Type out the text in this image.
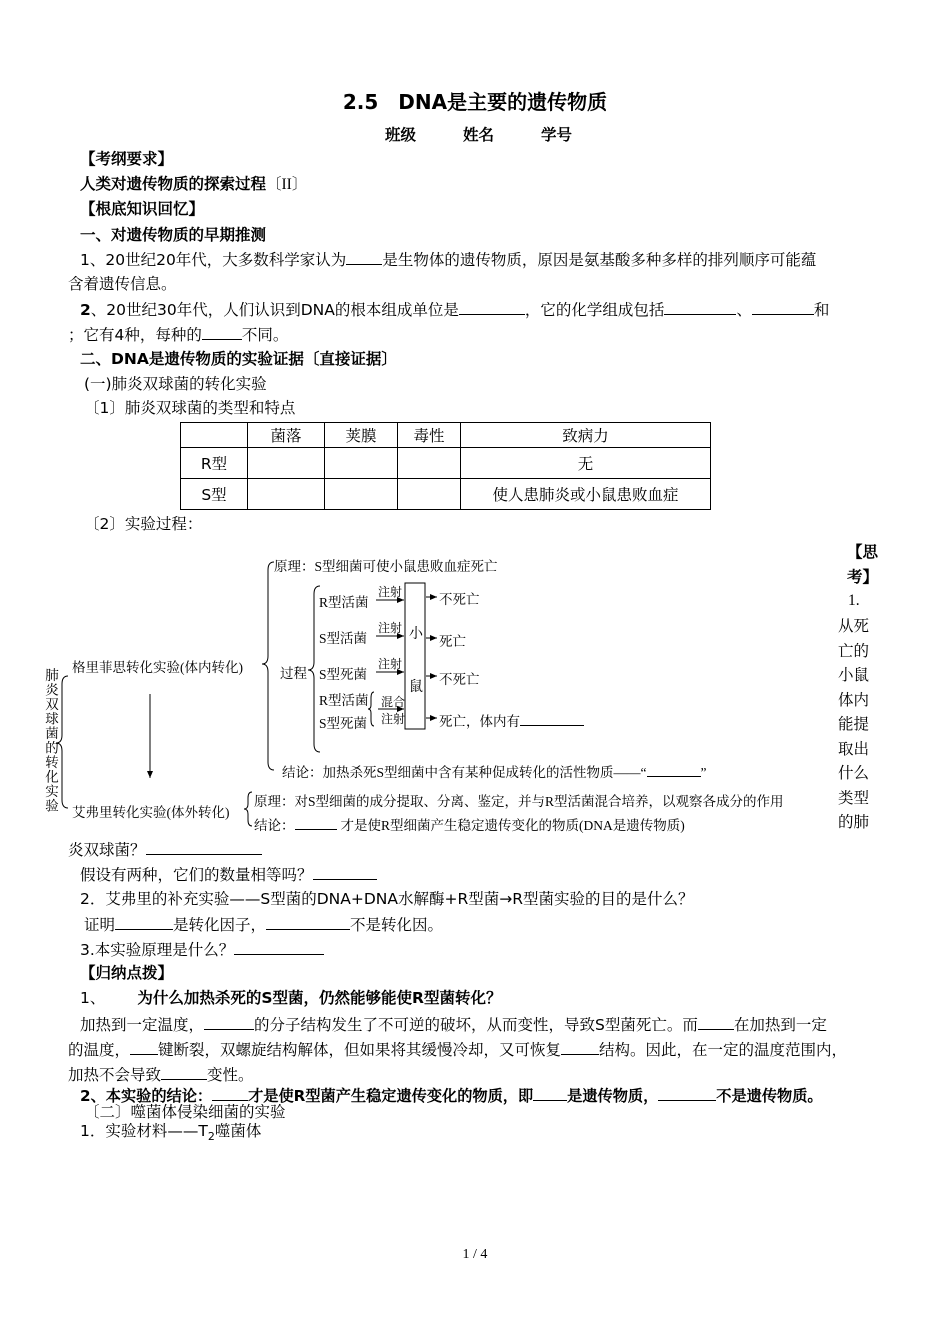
2.5　DNA是主要的遗传物质
班级	姓名	学号
【考纲要求】
人类对遗传物质的探索过程〔II〕
【根底知识回忆】
一、对遗传物质的早期推测
1、20世纪20年代，大多数科学家认为 是生物体的遗传物质，原因是氨基酸多种多样的排列顺序可能蕴
含着遗传信息。
2、20世纪30年代，人们认识到DNA的根本组成单位是	，它的化学组成包括	、	和
；它有4种，每种的	不同。
二、DNA是遗传物质的实验证据〔直接证据〕
(一)肺炎双球菌的转化实验
〔1〕肺炎双球菌的类型和特点
	菌落	荚膜	毒性	致病力
R型				无
S型				使人患肺炎或小鼠患败血症
〔2〕实验过程：
肺炎双球菌的转化实验
格里菲思转化实验(体内转化)
艾弗里转化实验(体外转化)
原理：S型细菌可使小鼠患败血症死亡
过程
R型活菌
注射	不死亡
S型活菌
注射
死亡
S型死菌
注射
不死亡
R型活菌
S型死菌
混合
注射	死亡，体内有
小
鼠
结论：加热杀死S型细菌中含有某种促成转化的活性物质——“	”
原理：对S型细菌的成分提取、分离、鉴定，并与R型活菌混合培养，以观察各成分的作用
结论：	才是使R型细菌产生稳定遗传变化的物质(DNA是遗传物质)
【思考】
1.
从死亡的小鼠体内能提取出什么类型的肺
炎双球菌？
假设有两种，它们的数量相等吗？
2．艾弗里的补充实验——S型菌的DNA+DNA水解酶+R型菌→R型菌实验的目的是什么？
证明	是转化因子，	不是转化因。
3.本实验原理是什么？
【归纳点拨】
1、 为什么加热杀死的S型菌，仍然能够能使R型菌转化？
加热到一定温度，	的分子结构发生了不可逆的破坏，从而变性，导致S型菌死亡。而 在加热到一定
的温度， 键断裂，双螺旋结构解体，但如果将其缓慢冷却，又可恢复 结构。因此，在一定的温度范围内，
加热不会导致	变性。
2、本实验的结论： 才是使R型菌产生稳定遗传变化的物质，即 是遗传物质，	不是遗传物质。
〔二〕噬菌体侵染细菌的实验
1．实验材料$——T_2$噬菌体
1 / 4
